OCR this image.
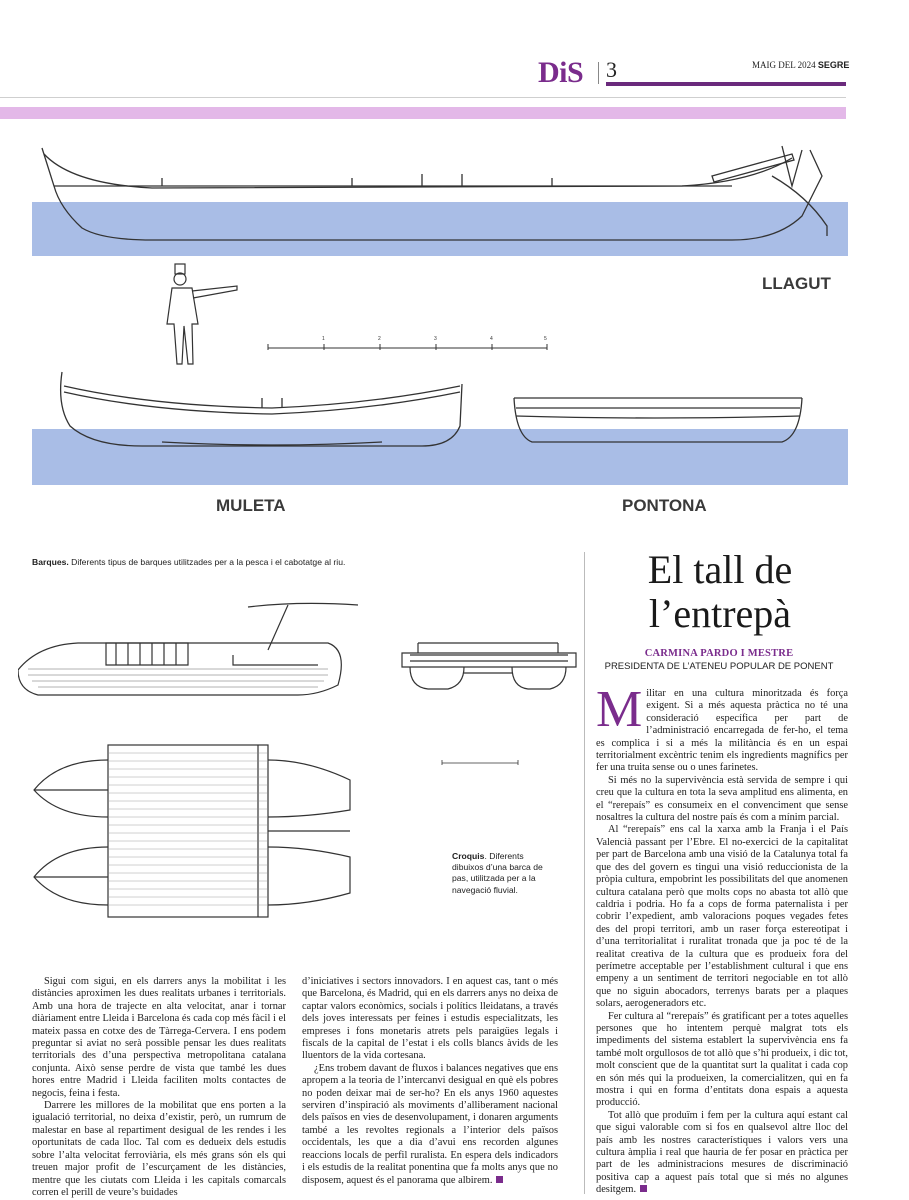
DiS 3	MAIG DEL 2024 SEGRE
1	2	3	4	5
LLAGUT
MULETA	PONTONA
Barques. Diferents tipus de barques utilitzades per a la pesca i el cabotatge al riu.
Croquis. Diferents dibuixos d’una barca de pas, utilitzada per a la navegació fluvial.
El tall de l’entrepà
CARMINA PARDO I MESTRE
PRESIDENTA DE L’ATENEU POPULAR DE PONENT

Militar en una cultura minoritzada és força exigent. Si a més aquesta pràctica no té una consideració específica per part de l’administració encarregada de fer-ho, el tema es complica i si a més la militància és en un espai territorialment excèntric tenim els ingredients magnífics per fer una truita sense ou o unes farinetes.

Si més no la supervivència està servida de sempre i qui creu que la cultura en tota la seva amplitud ens alimenta, en el “rerepaís” es consumeix en el convenciment que sense nosaltres la cultura del nostre país és com a mínim parcial.

Al “rerepaís” ens cal la xarxa amb la Franja i el País Valencià passant per l’Ebre. El no-exercici de la capitalitat per part de Barcelona amb una visió de la Catalunya total fa que des del govern es tingui una visió reduccionista de la pròpia cultura, empobrint les possibilitats del que anomenen cultura catalana però que molts cops no abasta tot allò que caldria i podria. Ho fa a cops de forma paternalista i per cobrir l’expedient, amb valoracions poques vegades fetes des del propi territori, amb un raser força estereotipat i d’una territorialitat i ruralitat tronada que ja poc té de la realitat creativa de la cultura que es produeix fora del perímetre acceptable per l’establishment cultural i que ens empeny a un sentiment de territori negociable en tot allò que no siguin abocadors, terrenys barats per a plaques solars, aerogeneradors etc.

Fer cultura al “rerepaís” és gratificant per a totes aquelles persones que ho intentem perquè malgrat tots els impediments del sistema establert la supervivència ens fa també molt orgullosos de tot allò que s’hi produeix, i dic tot, molt conscient que de la quantitat surt la qualitat i cada cop en són més qui la produeixen, la comercialitzen, qui en fa mostra i qui en forma d’entitats dona espais a aquesta producció.

Tot allò que produïm i fem per la cultura aquí estant cal que sigui valorable com si fos en qualsevol altre lloc del país amb les nostres característiques i valors vers una cultura àmplia i real que hauria de fer posar en pràctica per part de les administracions mesures de discriminació positiva cap a aquest país total que si més no algunes desitgem.

Sigui com sigui, en els darrers anys la mobilitat i les distàncies aproximen les dues realitats urbanes i territorials. Amb una hora de trajecte en alta velocitat, anar i tornar diàriament entre Lleida i Barcelona és cada cop més fàcil i el mateix passa en cotxe des de Tàrrega-Cervera. I ens podem preguntar si aviat no serà possible pensar les dues realitats territorials des d’una perspectiva metropolitana catalana conjunta. Això sense perdre de vista que també les dues hores entre Madrid i Lleida faciliten molts contactes de negocis, feina i festa.

Darrere les millores de la mobilitat que ens porten a la igualació territorial, no deixa d’existir, però, un rumrum de malestar en base al repartiment desigual de les rendes i les oportunitats de cada lloc. Tal com es dedueix dels estudis sobre l’alta velocitat ferroviària, els més grans són els qui treuen major profit de l’escurçament de les distàncies, mentre que les ciutats com Lleida i les capitals comarcals corren el perill de veure’s buidades

d’iniciatives i sectors innovadors. I en aquest cas, tant o més que Barcelona, és Madrid, qui en els darrers anys no deixa de captar valors econòmics, socials i polítics lleidatans, a través dels joves interessats per feines i estudis especialitzats, les empreses i fons monetaris atrets pels paraigües legals i fiscals de la capital de l’estat i els colls blancs àvids de les lluentors de la vida cortesana.

¿Ens trobem davant de fluxos i balances negatives que ens apropem a la teoria de l’intercanvi desigual en què els pobres no poden deixar mai de ser-ho? En els anys 1960 aquestes serviren d’inspiració als moviments d’alliberament nacional dels països en vies de desenvolupament, i donaren arguments també a les revoltes regionals a l’interior dels països occidentals, les que a dia d’avui ens recorden algunes reaccions locals de perfil ruralista. En espera dels indicadors i els estudis de la realitat ponentina que fa molts anys que no disposem, aquest és el panorama que albirem.
